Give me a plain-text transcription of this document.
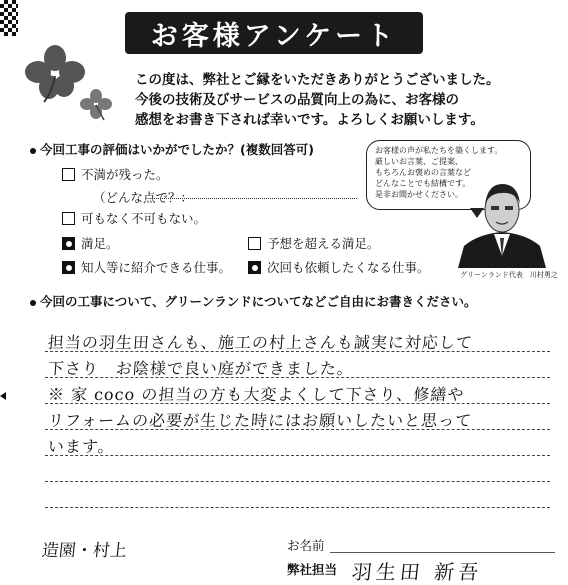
お客様アンケート
この度は、弊社とご縁をいただきありがとうございました。
今後の技術及びサービスの品質向上の為に、お客様の
感想をお書き下されば幸いです。よろしくお願いします。
今回工事の評価はいかがでしたか？(複数回答可)
不満が残った。
（どんな点で？：
可もなく不可もない。
満足。	予想を超える満足。
知人等に紹介できる仕事。	次回も依頼したくなる仕事。
お客様の声が私たちを築くします。
厳しいお言葉、ご提案、
もちろんお褒めの言葉など
どんなことでも結構です。
是非お聞かせください。
グリーンランド代表　川村勇之
今回の工事について、グリーンランドについてなどご自由にお書きください。
担当の羽生田さんも、施工の村上さんも誠実に対応して
下さり　お陰様で良い庭ができました。
※ 家 coco の担当の方も大変よくして下さり、修繕や
リフォームの必要が生じた時にはお願いしたいと思って
います。
造園・村上	お名前
弊社担当 羽生田 新吾
